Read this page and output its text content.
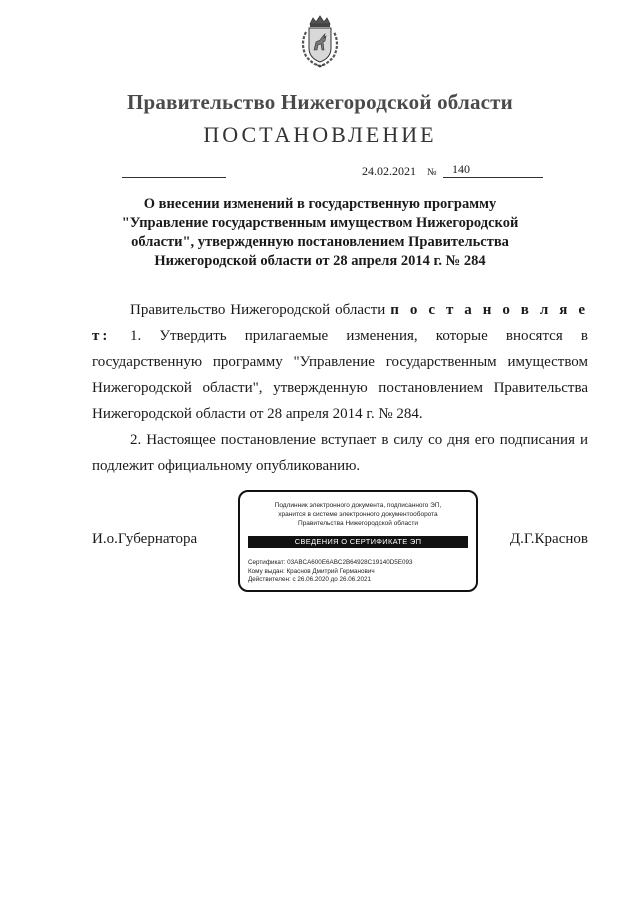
Правительство Нижегородской области
ПОСТАНОВЛЕНИЕ
24.02.2021 № 140
О внесении изменений в государственную программу
"Управление государственным имуществом Нижегородской
области", утвержденную постановлением Правительства
Нижегородской области от 28 апреля 2014 г. № 284
Правительство Нижегородской области п о с т а н о в л я е т:	1. Утвердить прилагаемые изменения, которые вносятся в государственную программу "Управление государственным имуществом Нижегородской области", утвержденную постановлением Правительства Нижегородской области от 28 апреля 2014 г. № 284.
2. Настоящее постановление вступает в силу со дня его подписания и подлежит официальному опубликованию.
И.о.Губернатора	Д.Г.Краснов
Подлинник электронного документа, подписанного ЭП,
хранится в системе электронного документооборота
Правительства Нижегородской области
СВЕДЕНИЯ О СЕРТИФИКАТЕ ЭП
Сертификат: 03ABCA600E6ABC2B64928C19140D5E093
Кому выдан: Краснов Дмитрий Германович
Действителен: с 26.06.2020 до 26.06.2021
